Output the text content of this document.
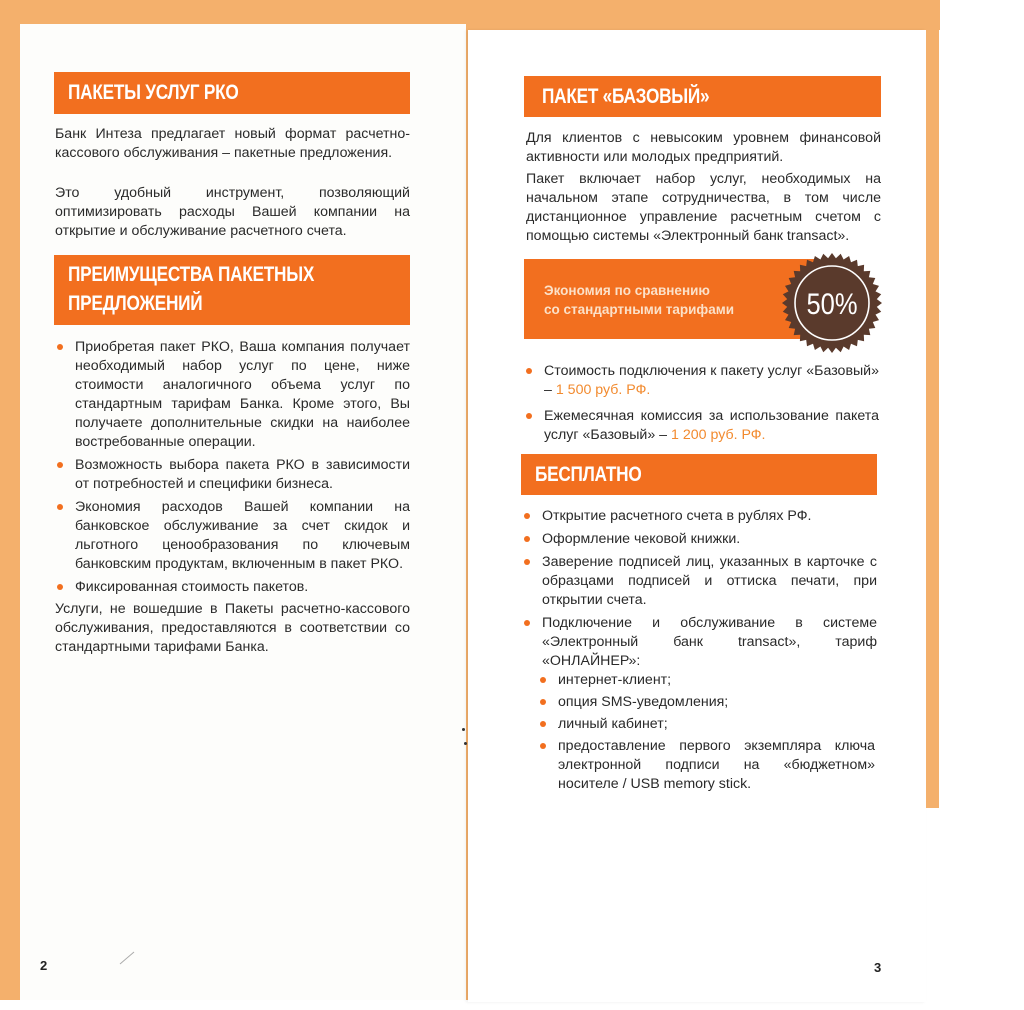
ПАКЕТЫ УСЛУГ РКО

Банк Интеза предлагает новый формат расчетно-кассового обслуживания – пакетные предложения.

Это удобный инструмент, позволяющий оптимизировать расходы Вашей компании на открытие и обслуживание расчетного счета.

ПРЕИМУЩЕСТВА ПАКЕТНЫХ
ПРЕДЛОЖЕНИЙ
Приобретая пакет РКО, Ваша компания получает необходимый набор услуг по цене, ниже стоимости аналогичного объема услуг по стандартным тарифам Банка. Кроме этого, Вы получаете дополнительные скидки на наиболее востребованные операции.
Возможность выбора пакета РКО в зависимости от потребностей и специфики бизнеса.
Экономия расходов Вашей компании на банковское обслуживание за счет скидок и льготного ценообразования по ключевым банковским продуктам, включенным в пакет РКО.
Фиксированная стоимость пакетов.

Услуги, не вошедшие в Пакеты расчетно-кассового обслуживания, предоставляются в соответствии со стандартными тарифами Банка.

2
ПАКЕТ «БАЗОВЫЙ»

Для клиентов с невысоким уровнем финансовой активности или молодых предприятий.

Пакет включает набор услуг, необходимых на начальном этапе сотрудничества, в том числе дистанционное управление расчетным счетом с помощью системы «Электронный банк transact».

Экономия по сравнению
со стандартными тарифами	50%
Стоимость подключения к пакету услуг «Базовый» – 1 500 руб. РФ.
Ежемесячная комиссия за использование пакета услуг «Базовый» – 1 200 руб. РФ.
БЕСПЛАТНО
Открытие расчетного счета в рублях РФ.
Оформление чековой книжки.
Заверение подписей лиц, указанных в карточке с образцами подписей и оттиска печати, при открытии счета.
Подключение и обслуживание в системе «Электронный банк transact», тариф «ОНЛАЙНЕР»:
интернет-клиент;
опция SMS-уведомления;
личный кабинет;
предоставление первого экземпляра ключа электронной подписи на «бюджетном» носителе / USB memory stick.
3
